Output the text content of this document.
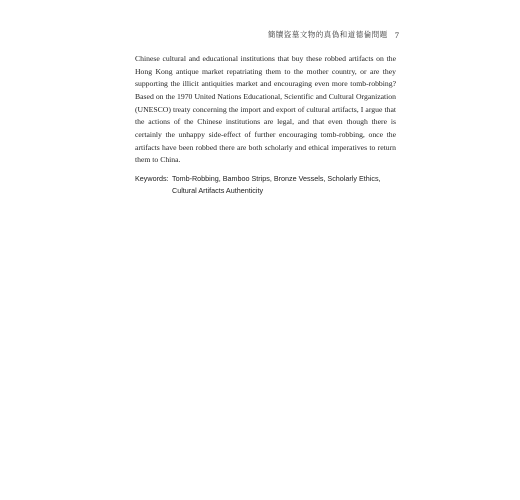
簡牘盜墓文物的真偽和道德倫問題 7

Chinese cultural and educational institutions that buy these robbed artifacts on the Hong Kong antique market repatriating them to the mother country, or are they supporting the illicit antiquities market and encouraging even more tomb-robbing? Based on the 1970 United Nations Educational, Scientific and Cultural Organization (UNESCO) treaty concerning the import and export of cultural artifacts, I argue that the actions of the Chinese institutions are legal, and that even though there is certainly the unhappy side-effect of further encouraging tomb-robbing, once the artifacts have been robbed there are both scholarly and ethical imperatives to return them to China.

Keywords: Tomb-Robbing, Bamboo Strips, Bronze Vessels, Scholarly Ethics, Cultural Artifacts Authenticity
